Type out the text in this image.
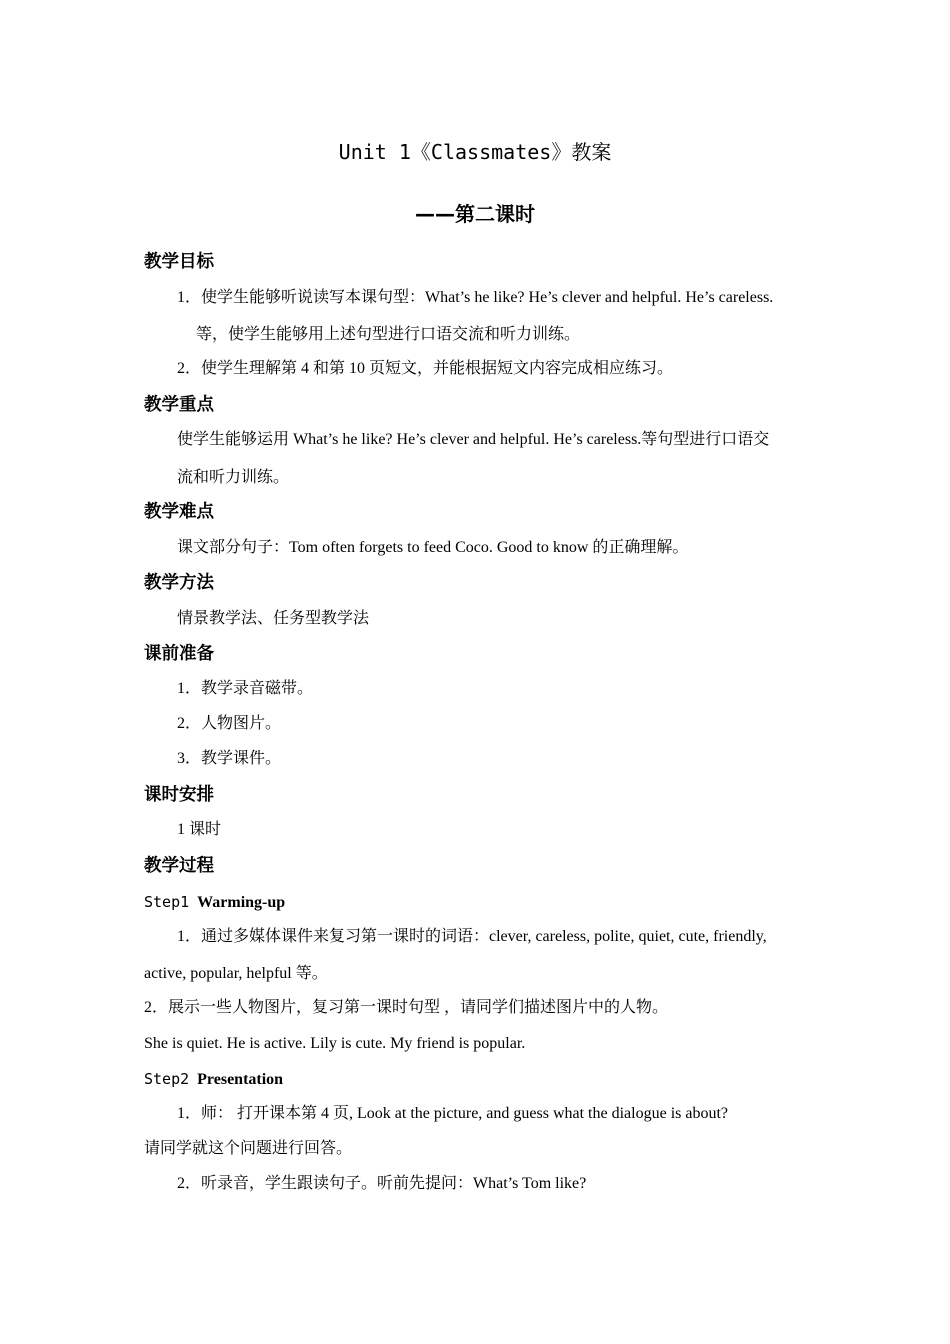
Unit 1《Classmates》教案
——第二课时
教学目标
1．使学生能够听说读写本课句型：What’s he like? He’s clever and helpful. He’s careless.
等，使学生能够用上述句型进行口语交流和听力训练。
2．使学生理解第 4 和第 10 页短文，并能根据短文内容完成相应练习。
教学重点
使学生能够运用 What’s he like? He’s clever and helpful. He’s careless.等句型进行口语交
流和听力训练。
教学难点
课文部分句子：Tom often forgets to feed Coco. Good to know 的正确理解。
教学方法
情景教学法、任务型教学法
课前准备
1．教学录音磁带。
2．人物图片。
3．教学课件。
课时安排
1 课时
教学过程
Step1 Warming-up
1．通过多媒体课件来复习第一课时的词语：clever, careless, polite, quiet, cute, friendly,
active, popular, helpful 等。
2．展示一些人物图片，复习第一课时句型 ，请同学们描述图片中的人物。
She is quiet. He is active. Lily is cute. My friend is popular.
Step2 Presentation
1．师： 打开课本第 4 页, Look at the picture, and guess what the dialogue is about?
请同学就这个问题进行回答。
2．听录音，学生跟读句子。听前先提问：What’s Tom like?
